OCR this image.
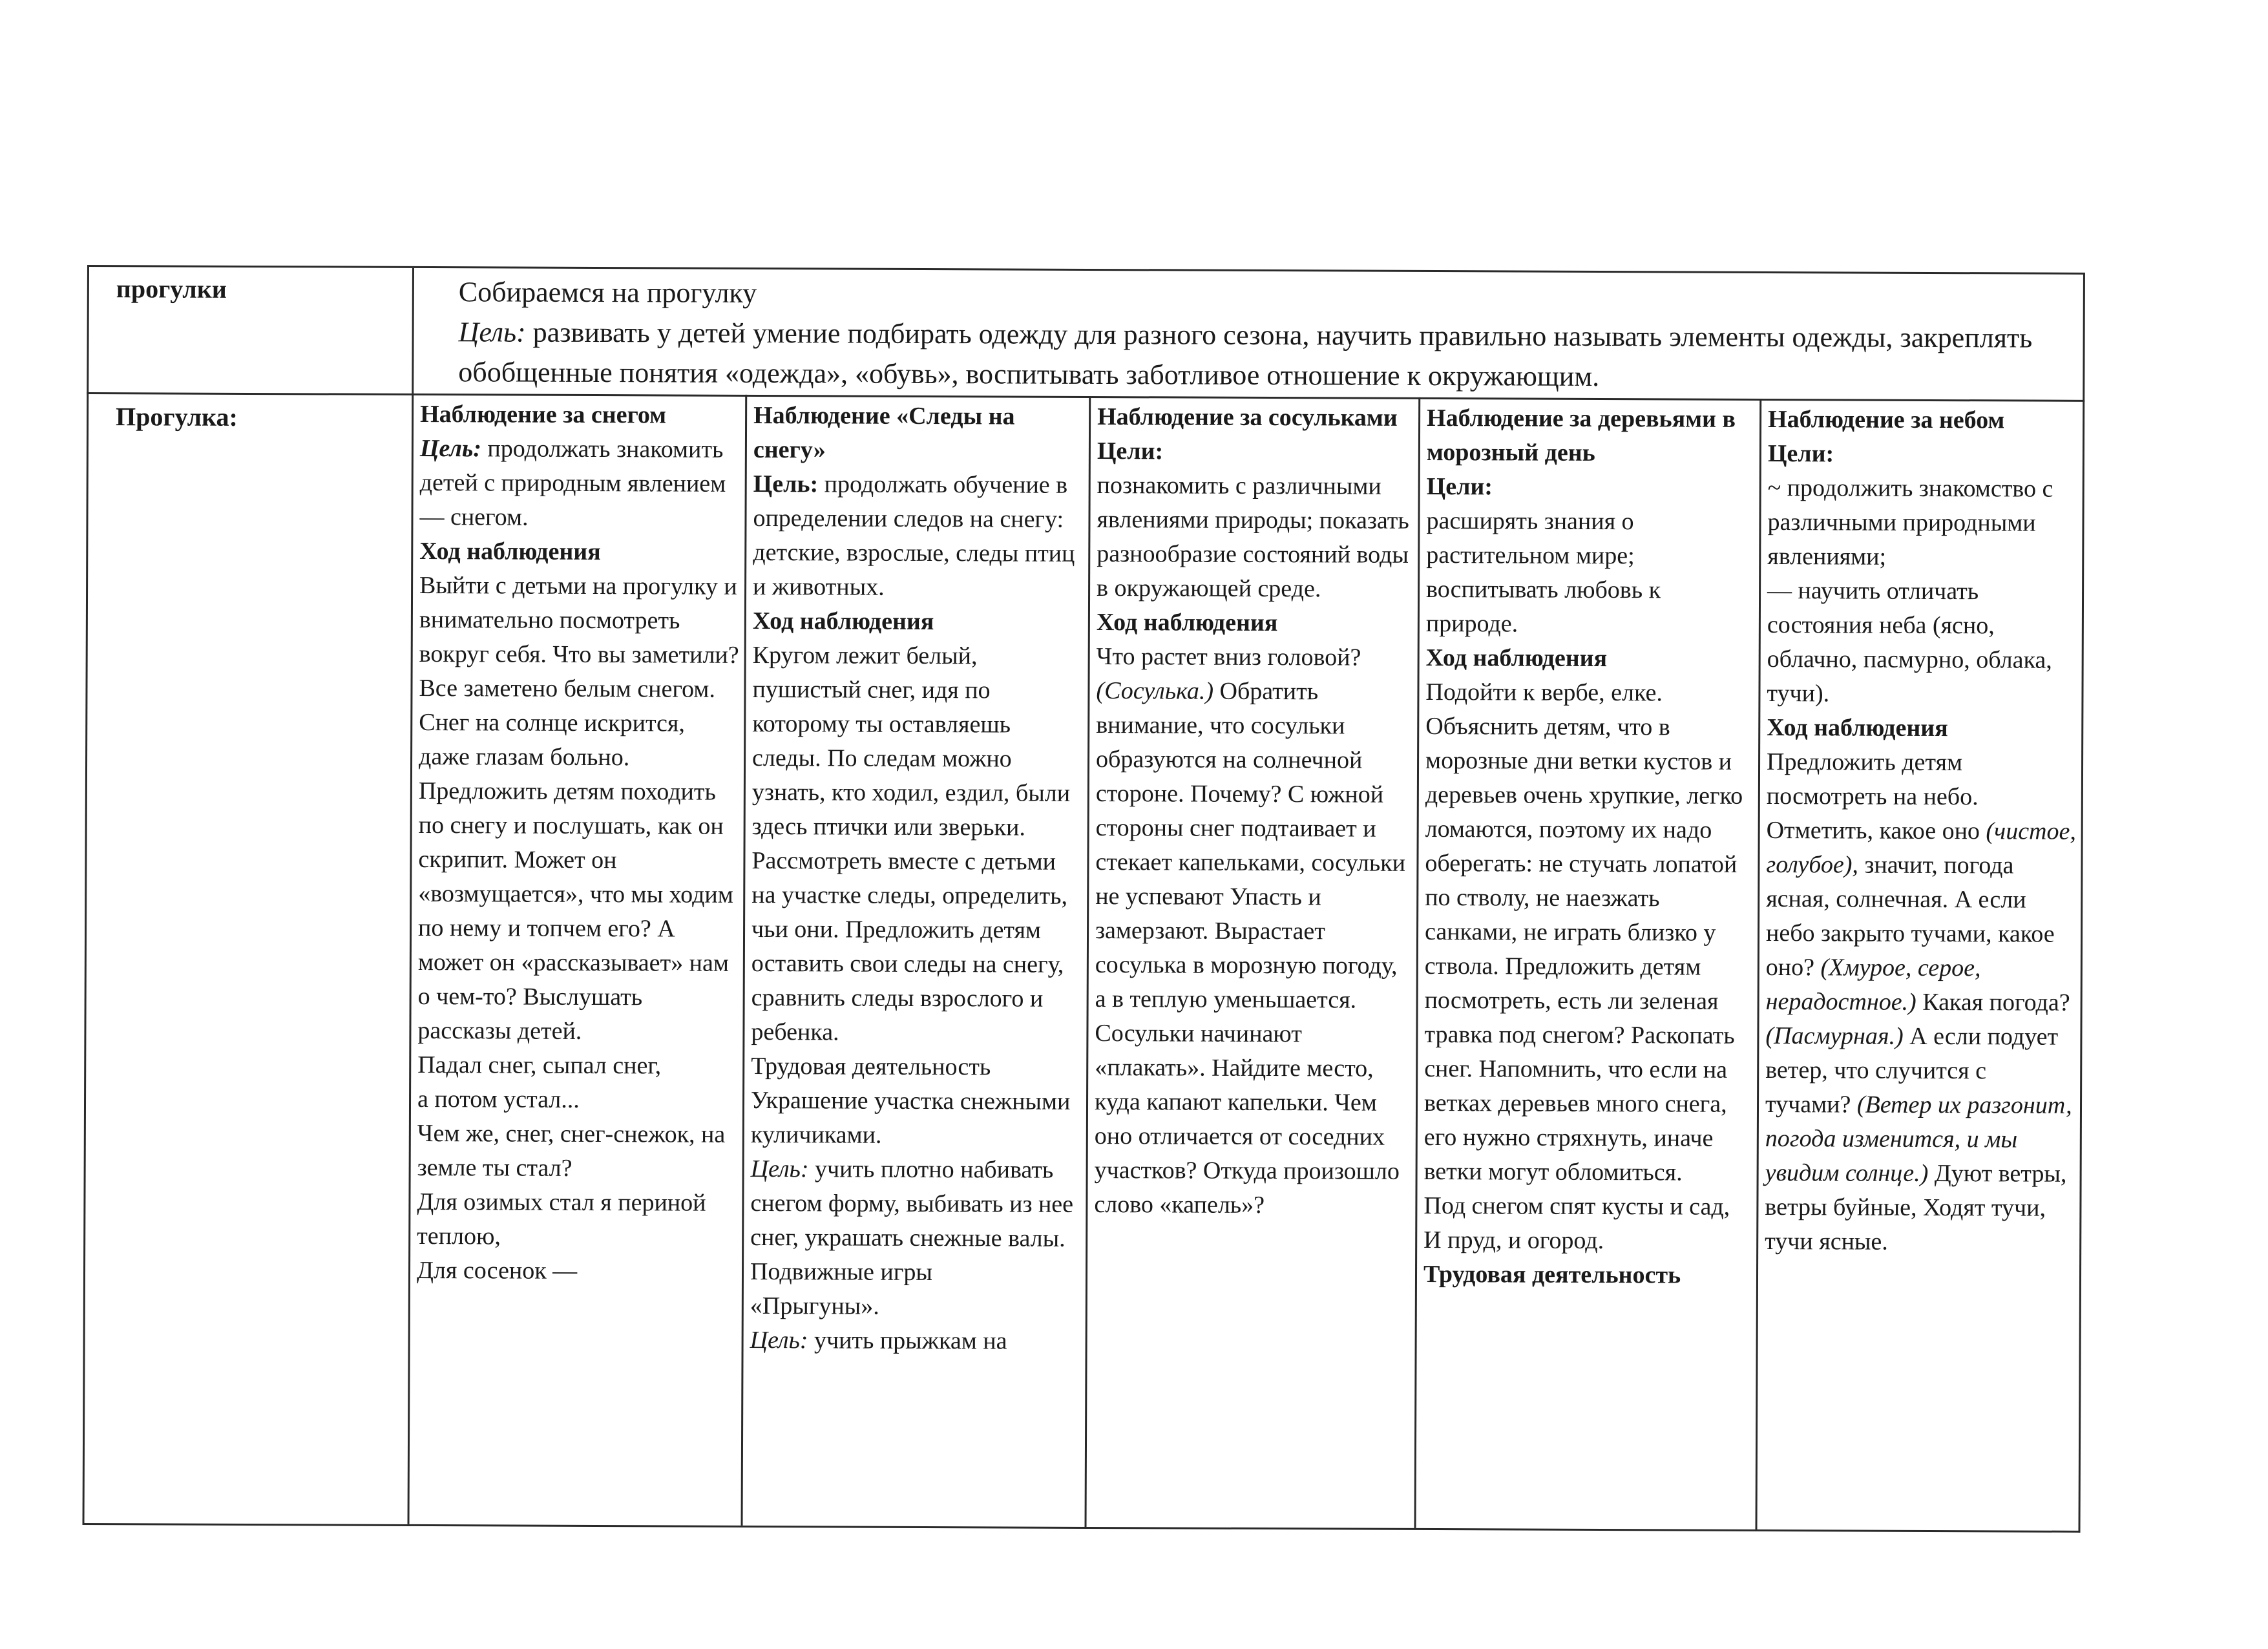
прогулки	Собираемся на прогулку

Цель: развивать у детей умение подбирать одежду для разного сезона, научить правильно называть элементы одежды, закреплять обобщенные понятия «одежда», «обувь», воспитывать заботливое отношение к окружающим.

Прогулка:	Наблюдение за снегом

Цель: продолжать знакомить детей с природным явлением — снегом.

Ход наблюдения

Выйти с детьми на прогулку и внимательно посмотреть вокруг себя. Что вы заметили? Все заметено белым снегом. Снег на солнце искрится, даже глазам больно. Предложить детям походить по снегу и послушать, как он скрипит. Может он «возмущается», что мы ходим по нему и топчем его? А может он «рассказывает» нам о чем-то? Выслушать рассказы детей.

Падал снег, сыпал снег,

а потом устал...

Чем же, снег, снег-снежок, на земле ты стал?

Для озимых стал я периной теплою,

Для сосенок —

Наблюдение «Следы на снегу»

Цель: продолжать обучение в определении следов на снегу: детские, взрослые, следы птиц и животных.

Ход наблюдения

Кругом лежит белый, пушистый снег, идя по которому ты оставляешь следы. По следам можно узнать, кто ходил, ездил, были здесь птички или зверьки. Рассмотреть вместе с детьми на участке следы, определить, чьи они. Предложить детям оставить свои следы на снегу, сравнить следы взрослого и ребенка.

Трудовая деятельность

Украшение участка снежными куличиками.

Цель: учить плотно набивать снегом форму, выбивать из нее снег, украшать снежные валы.

Подвижные игры

«Прыгуны».

Цель: учить прыжкам на

Наблюдение за сосульками

Цели:

познакомить с различными явлениями природы; показать разнообразие состояний воды в окружающей среде.

Ход наблюдения

Что растет вниз головой? (Сосулька.) Обратить внимание, что сосульки образуются на солнечной стороне. Почему? С южной стороны снег подтаивает и стекает капельками, сосульки не успевают Упасть и замерзают. Вырастает сосулька в морозную погоду, а в теплую уменьшается. Сосульки начинают «плакать». Найдите место, куда капают капельки. Чем оно отличается от соседних участков? Откуда произошло слово «капель»?

Наблюдение за деревьями в морозный день

Цели:

расширять знания о растительном мире; воспитывать любовь к природе.

Ход наблюдения

Подойти к вербе, елке. Объяснить детям, что в морозные дни ветки кустов и деревьев очень хрупкие, легко ломаются, поэтому их надо оберегать: не стучать лопатой по стволу, не наезжать санками, не играть близко у ствола. Предложить детям посмотреть, есть ли зеленая травка под снегом? Раскопать снег. Напомнить, что если на ветках деревьев много снега, его нужно стряхнуть, иначе ветки могут обломиться.

Под снегом спят кусты и сад,

И пруд, и огород.

Трудовая деятельность

Наблюдение за небом

Цели:

~ продолжить знакомство с различными природными явлениями;

— научить отличать состояния неба (ясно, облачно, пасмурно, облака, тучи).

Ход наблюдения

Предложить детям посмотреть на небо. Отметить, какое оно (чистое, голубое), значит, погода ясная, солнечная. А если небо закрыто тучами, какое оно? (Хмурое, серое, нерадостное.) Какая погода? (Пасмурная.) А если подует ветер, что случится с тучами? (Ветер их разгонит, погода изменится, и мы увидим солнце.) Дуют ветры, ветры буйные, Ходят тучи, тучи ясные.
